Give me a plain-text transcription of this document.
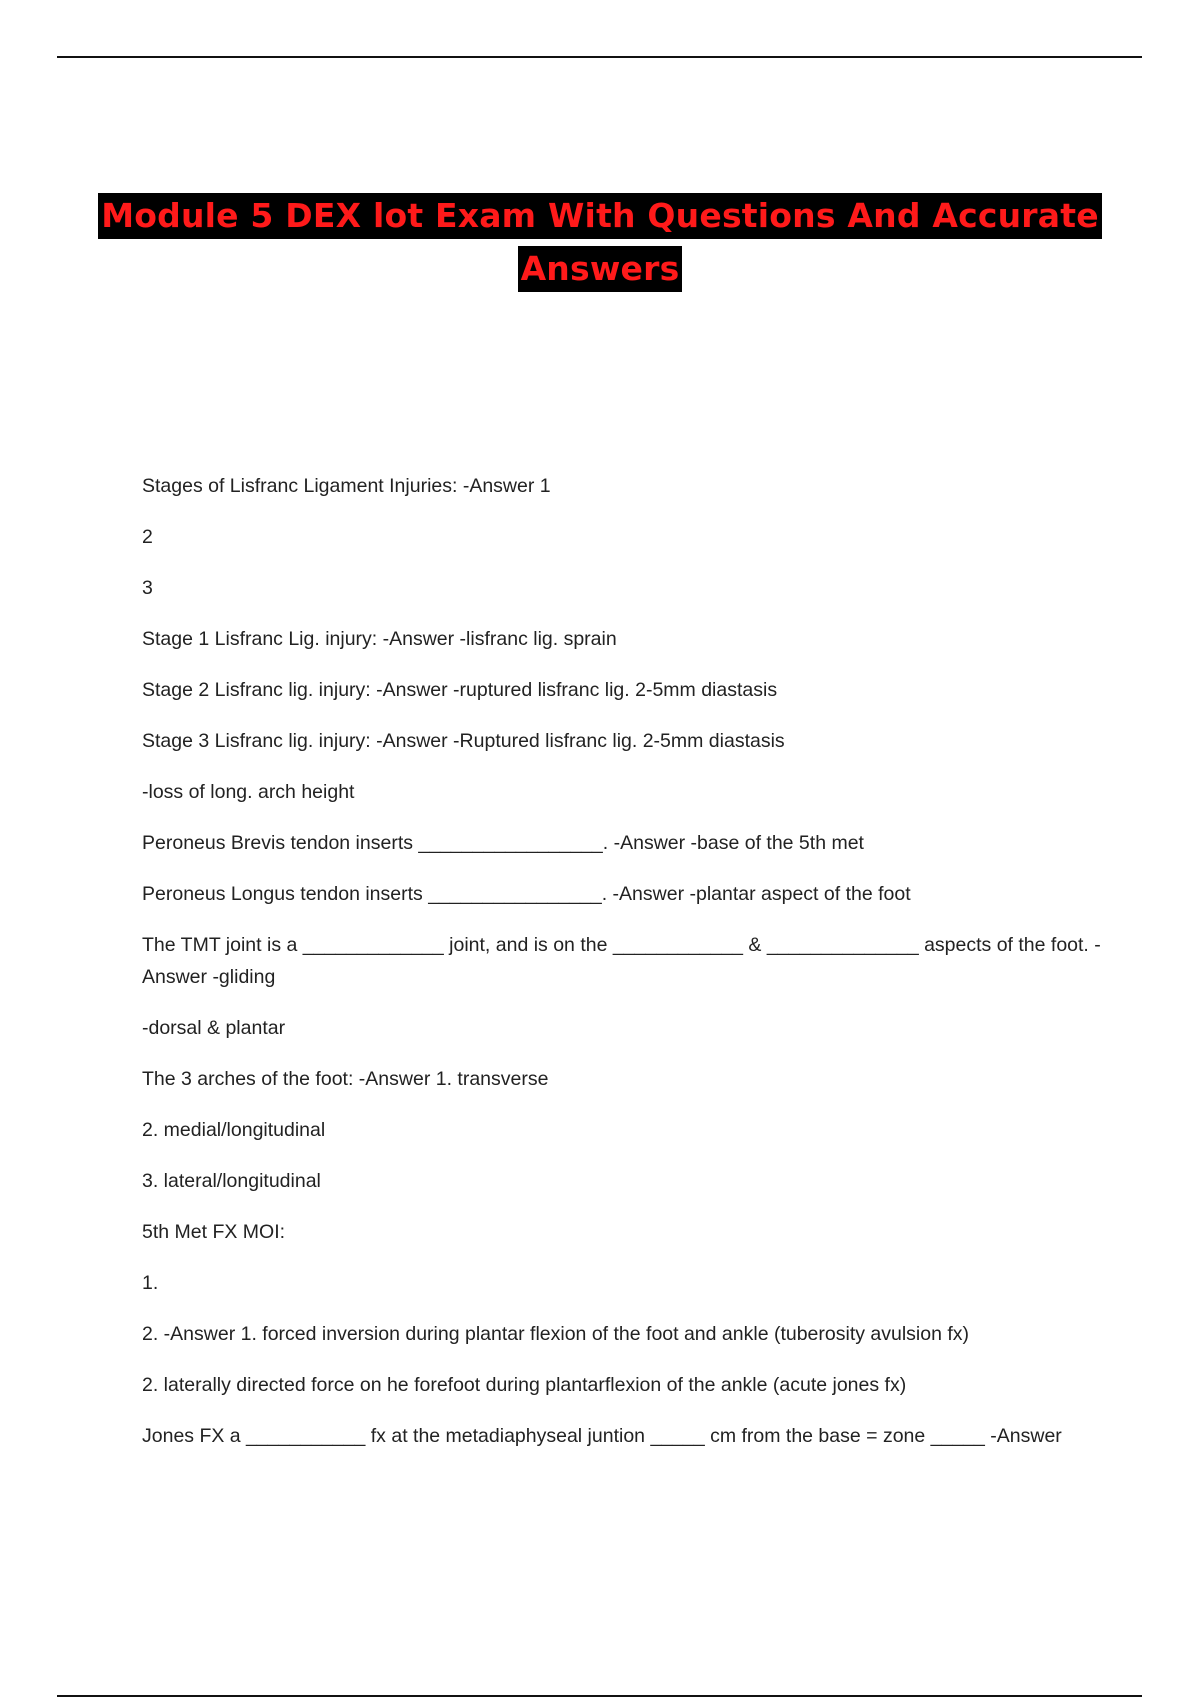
Module 5 DEX lot Exam With Questions And Accurate
Answers
Stages of Lisfranc Ligament Injuries: -Answer 1
2
3
Stage 1 Lisfranc Lig. injury: -Answer -lisfranc lig. sprain
Stage 2 Lisfranc lig. injury: -Answer -ruptured lisfranc lig. 2-5mm diastasis
Stage 3 Lisfranc lig. injury: -Answer -Ruptured lisfranc lig. 2-5mm diastasis
-loss of long. arch height
Peroneus Brevis tendon inserts _________________. -Answer -base of the 5th met
Peroneus Longus tendon inserts ________________. -Answer -plantar aspect of the foot
The TMT joint is a _____________ joint, and is on the ____________ & ______________ aspects of the foot. -Answer -gliding
-dorsal & plantar
The 3 arches of the foot: -Answer 1. transverse
2. medial/longitudinal
3. lateral/longitudinal
5th Met FX MOI:
1.
2. -Answer 1. forced inversion during plantar flexion of the foot and ankle (tuberosity avulsion fx)
2. laterally directed force on he forefoot during plantarflexion of the ankle (acute jones fx)
Jones FX a ___________ fx at the metadiaphyseal juntion _____ cm from the base = zone _____ -Answer
